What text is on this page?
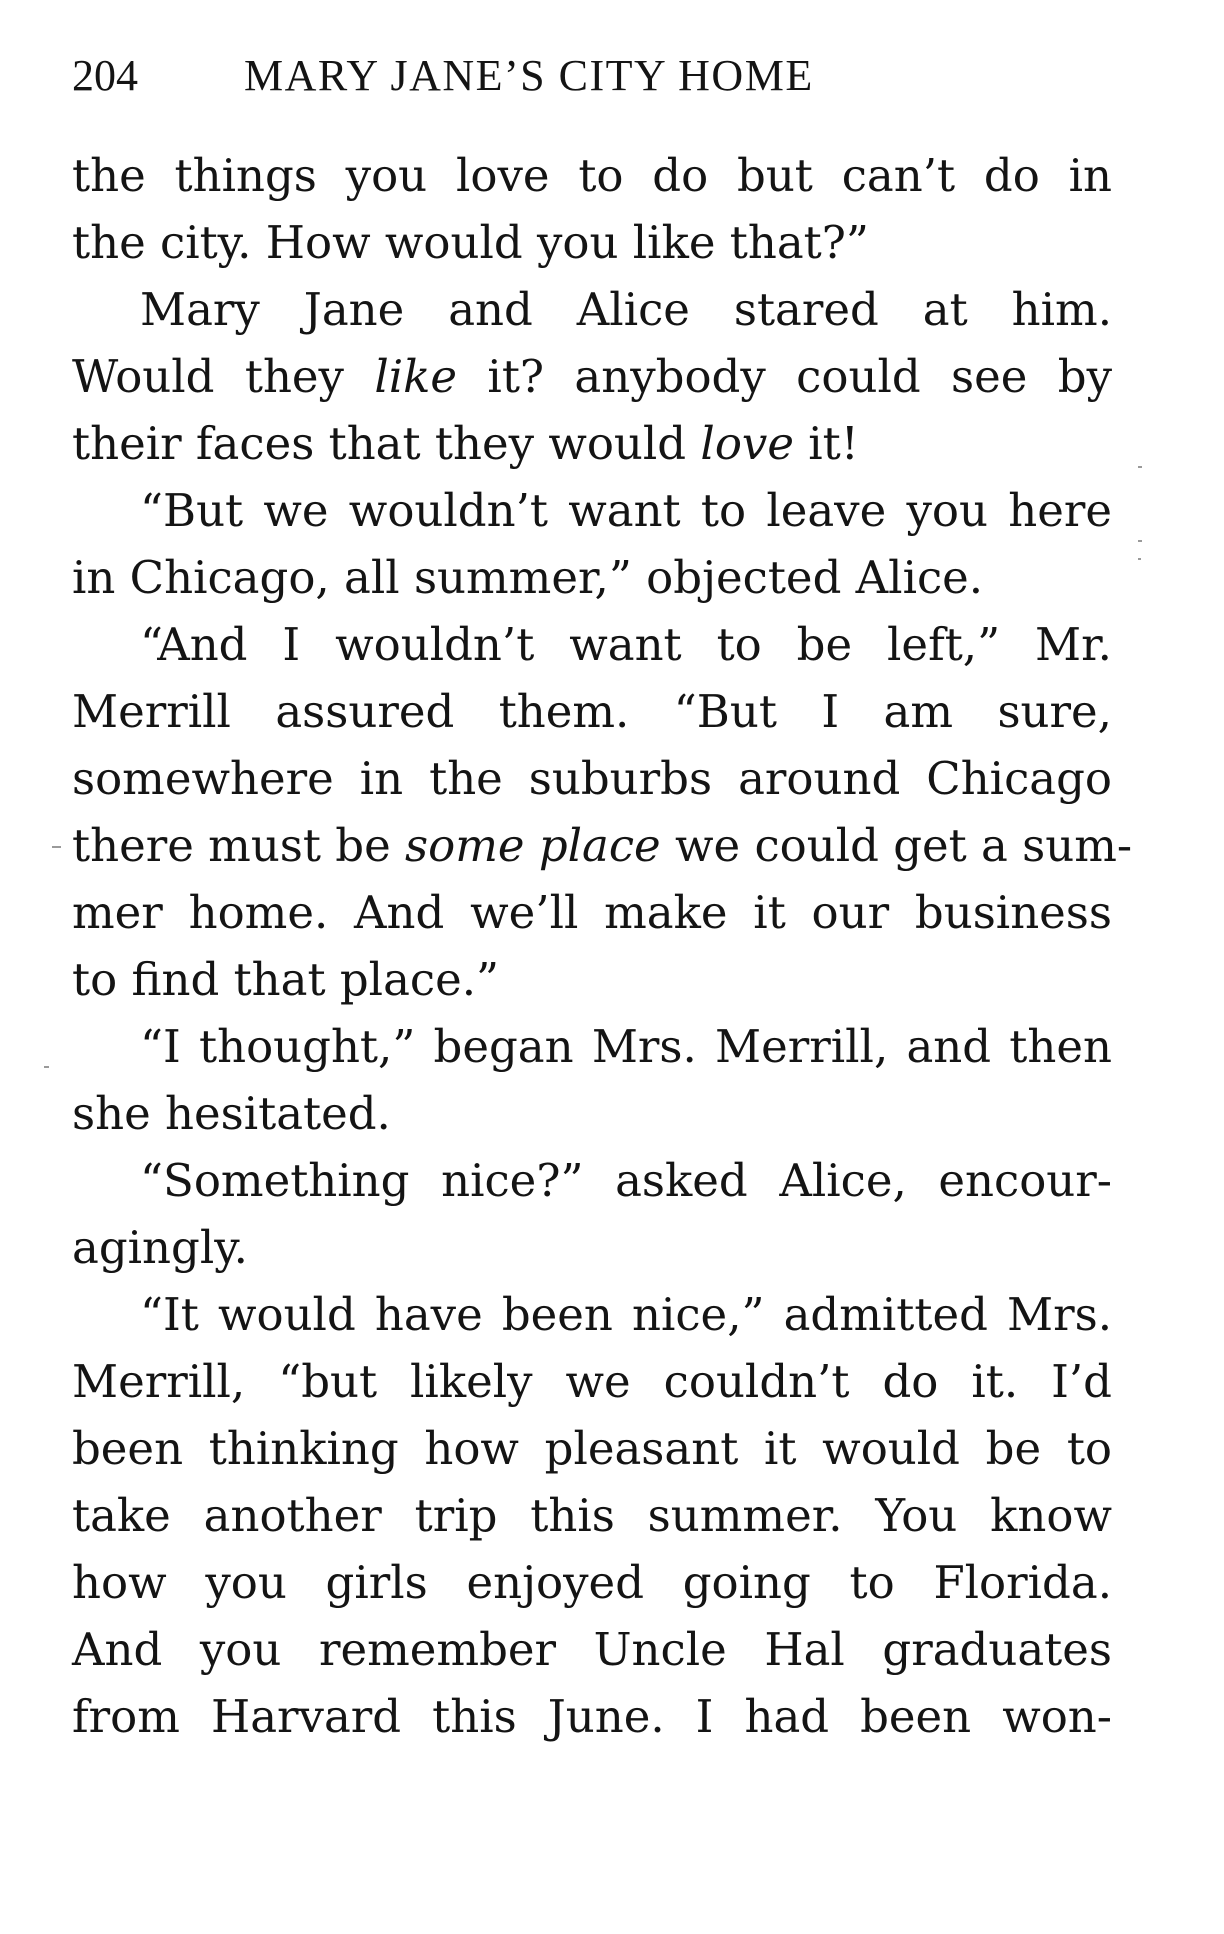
204 MARY JANE’S CITY HOME
the things you love to do but can’t do in
the city. How would you like that?”
Mary Jane and Alice stared at him.
Would they like it? anybody could see by
their faces that they would love it!
“But we wouldn’t want to leave you here
in Chicago, all summer,” objected Alice.
“And I wouldn’t want to be left,” Mr.
Merrill assured them. “But I am sure,
somewhere in the suburbs around Chicago
there must be some place we could get a sum-
mer home. And we’ll make it our business
to find that place.”
“I thought,” began Mrs. Merrill, and then
she hesitated.
“Something nice?” asked Alice, encour-
agingly.
“It would have been nice,” admitted Mrs.
Merrill, “but likely we couldn’t do it. I’d
been thinking how pleasant it would be to
take another trip this summer. You know
how you girls enjoyed going to Florida.
And you remember Uncle Hal graduates
from Harvard this June. I had been won-
